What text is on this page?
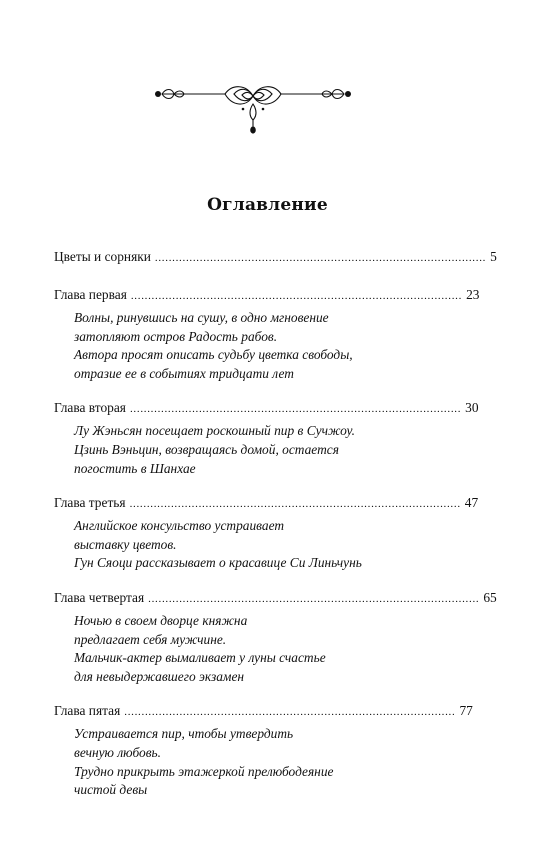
Оглавление
Цветы и сорняки ................................................................................................ 5
Глава первая ................................................................................................ 23
Волны, ринувшись на сушу, в одно мгновение
затопляют остров Радость рабов.
Автора просят описать судьбу цветка свободы,
отразие ее в событиях тридцати лет
Глава вторая ................................................................................................ 30
Лу Жэньсян посещает роскошный пир в Сучжоу.
Цзинь Вэньцин, возвращаясь домой, остается
погостить в Шанхае
Глава третья ................................................................................................ 47
Английское консульство устраивает
выставку цветов.
Гун Сяоци рассказывает о красавице Си Линьчунь
Глава четвертая ................................................................................................ 65
Ночью в своем дворце княжна
предлагает себя мужчине.
Мальчик-актер вымаливает у луны счастье
для невыдержавшего экзамен
Глава пятая ................................................................................................ 77
Устраивается пир, чтобы утвердить
вечную любовь.
Трудно прикрыть этажеркой прелюбодеяние
чистой девы
